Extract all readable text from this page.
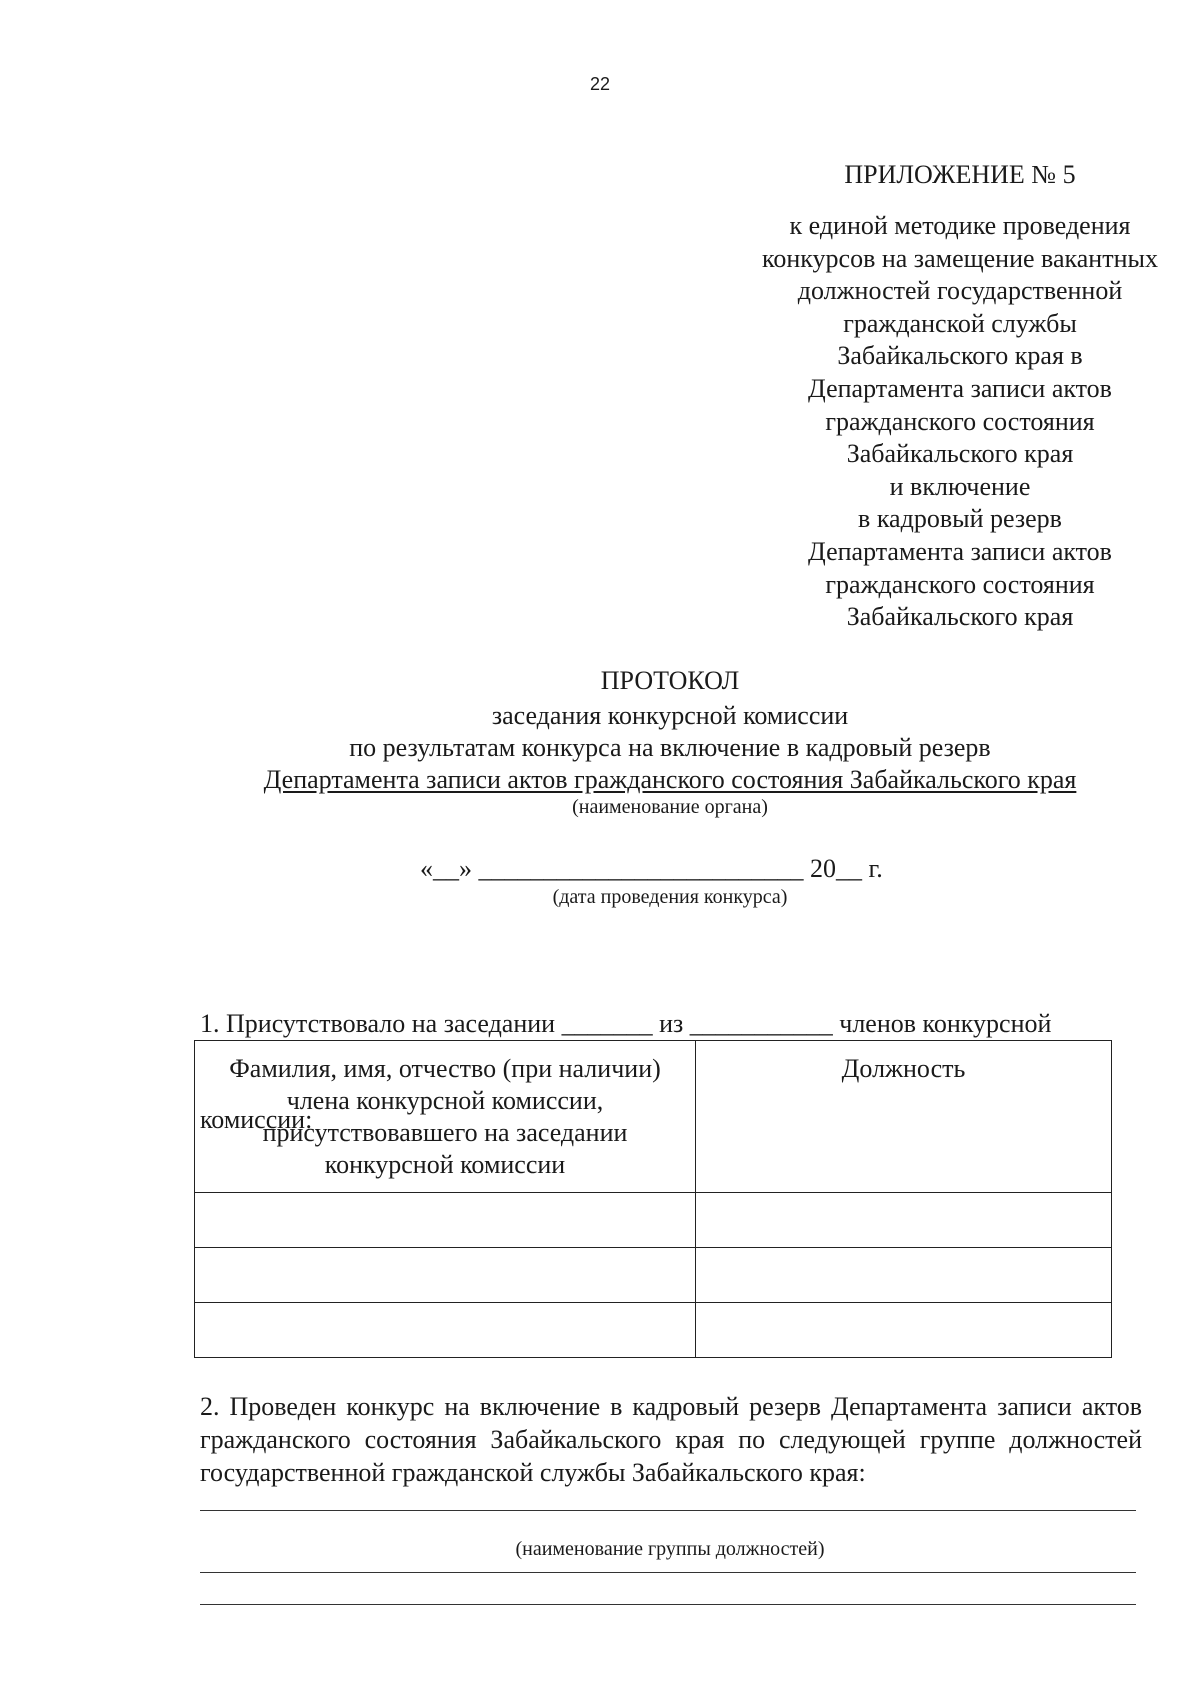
22
ПРИЛОЖЕНИЕ № 5
к единой методике проведения
конкурсов на замещение вакантных
должностей государственной
гражданской службы
Забайкальского края в
Департамента записи актов
гражданского состояния
Забайкальского края
и включение
в кадровый резерв
Департамента записи актов
гражданского состояния
Забайкальского края
ПРОТОКОЛ
заседания конкурсной комиссии
по результатам конкурса на включение в кадровый резерв
Департамента записи актов гражданского состояния Забайкальского края
(наименование органа)
«__» _________________________ 20__ г.
(дата проведения конкурса)

1. Присутствовало на заседании _______ из ___________ членов конкурсной

комиссии:

Фамилия, имя, отчество (при наличии) члена конкурсной комиссии, присутствовавшего на заседании конкурсной комиссии	Должность

2. Проведен конкурс на включение в кадровый резерв Департамента записи актов гражданского состояния Забайкальского края по следующей группе должностей государственной гражданской службы Забайкальского края:
(наименование группы должностей)
